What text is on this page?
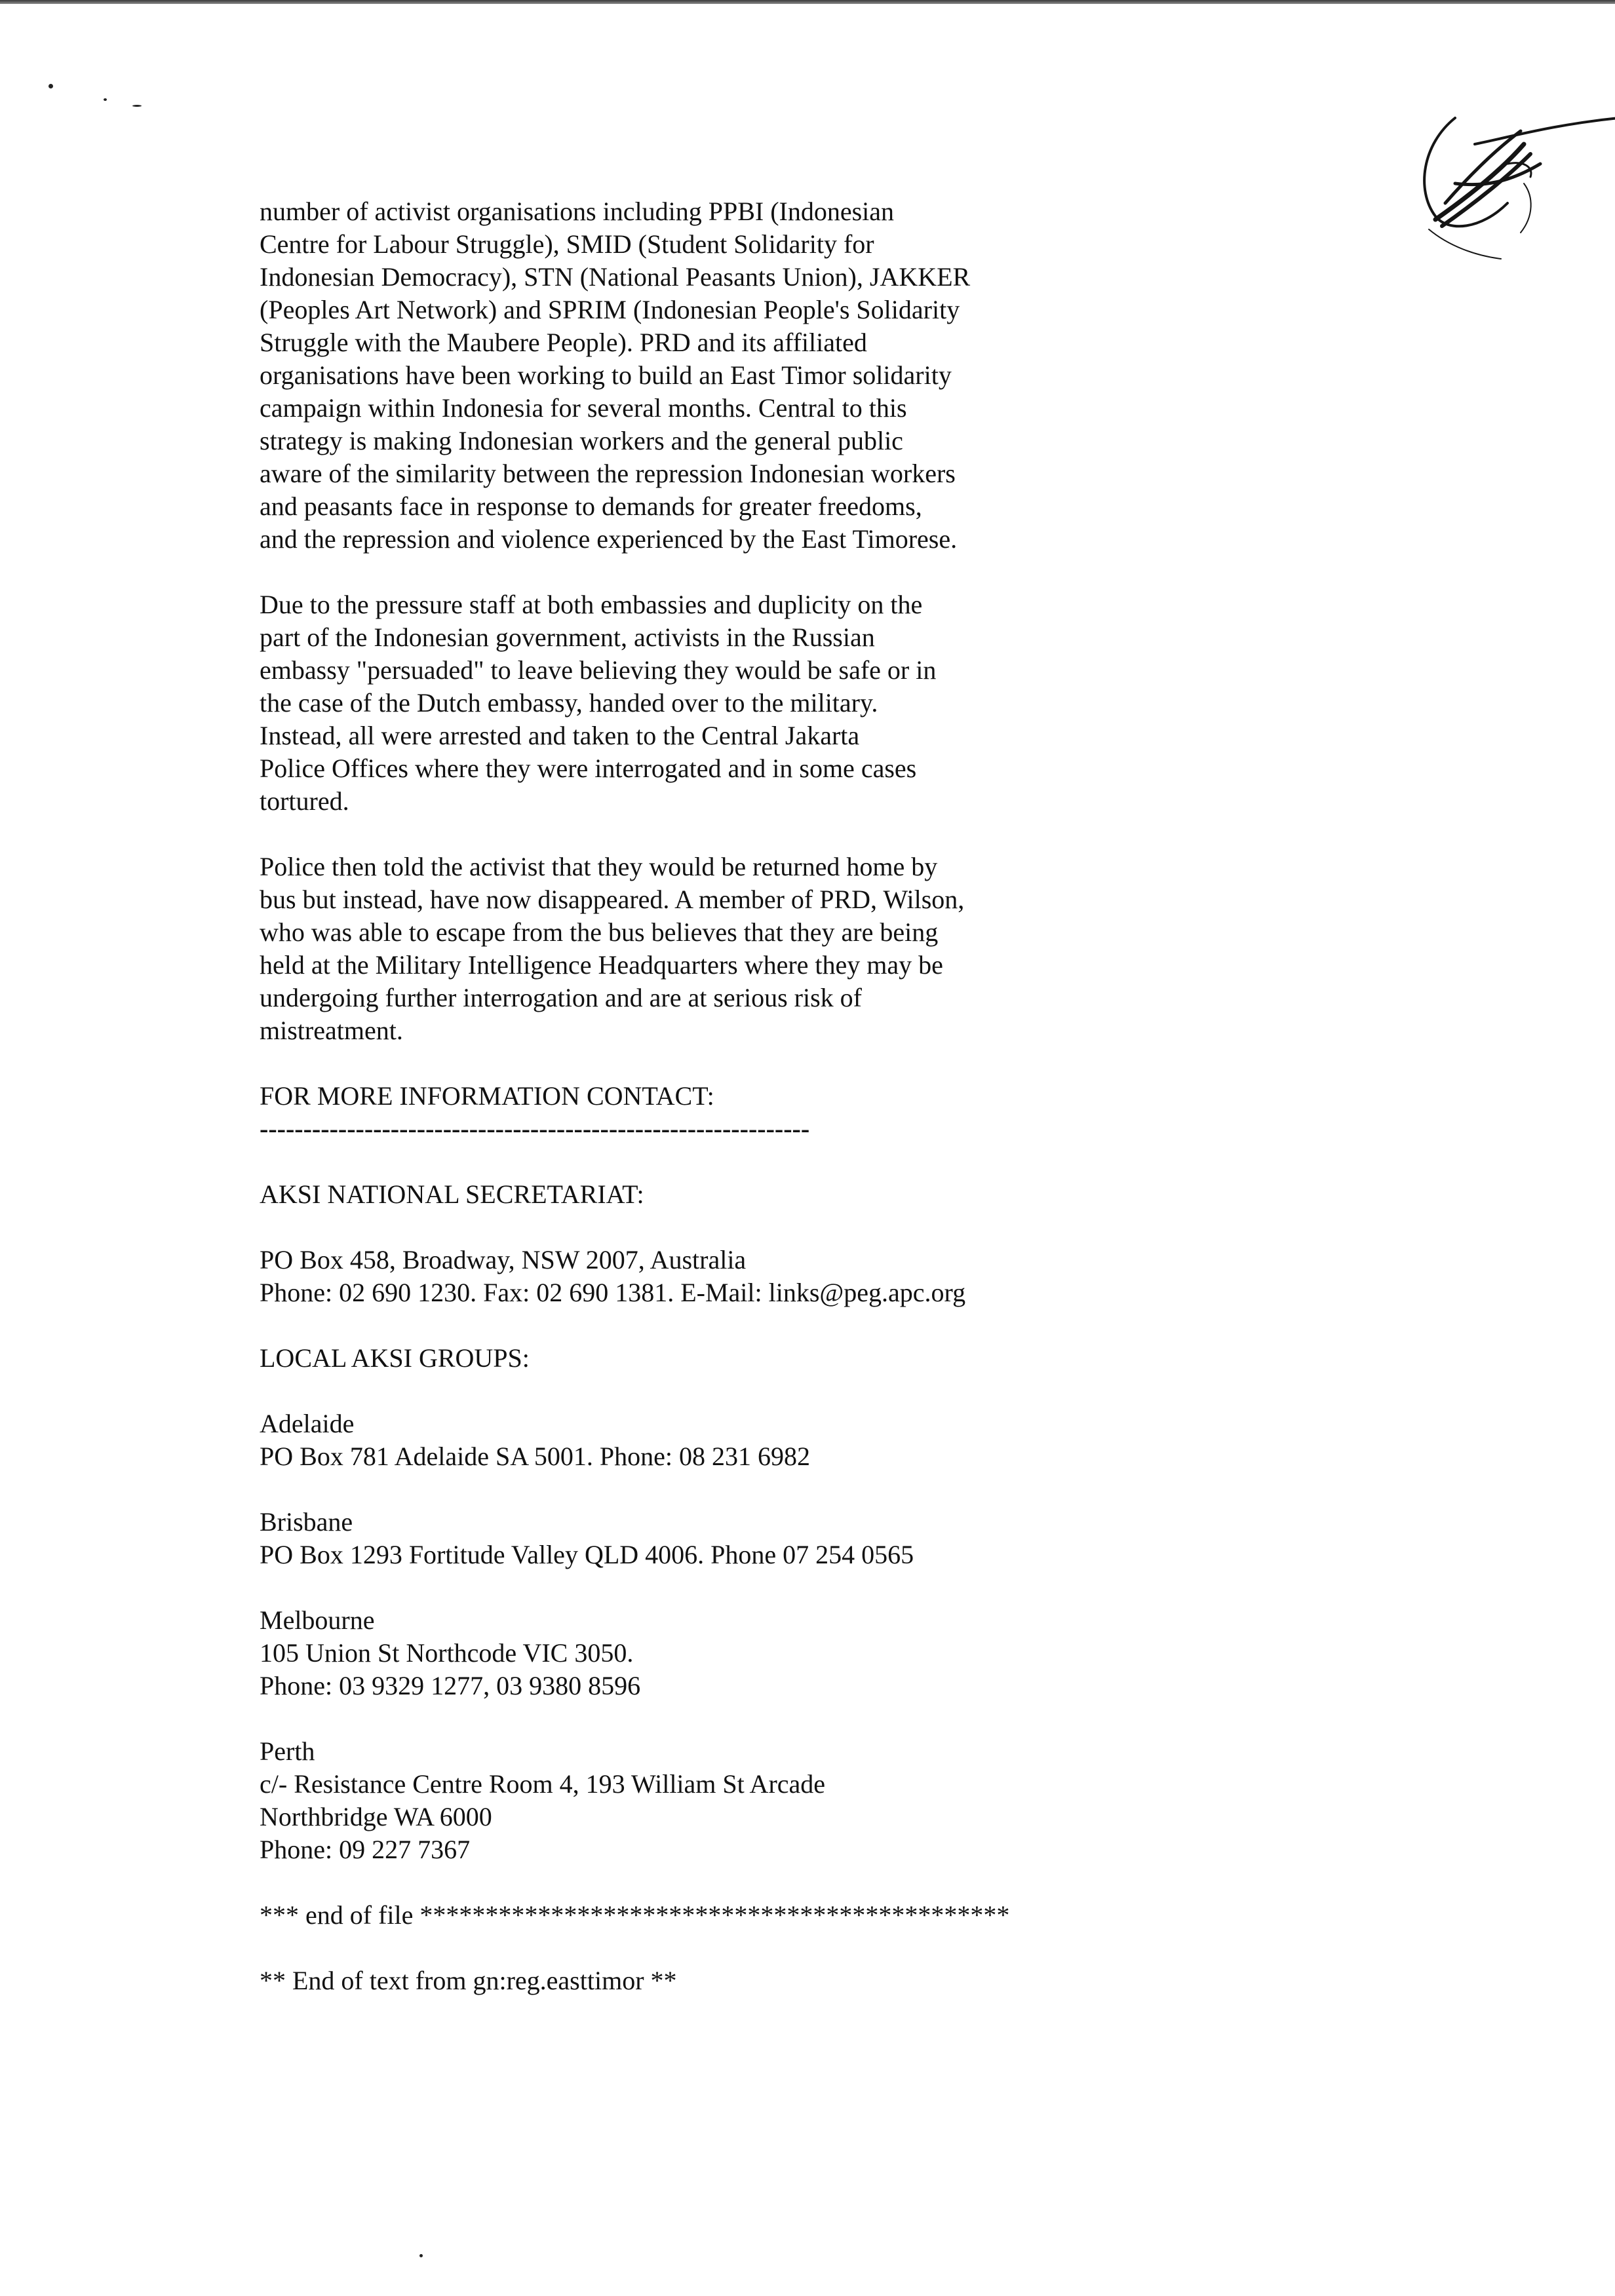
number of activist organisations including PPBI (Indonesian
Centre for Labour Struggle), SMID (Student Solidarity for
Indonesian Democracy), STN (National Peasants Union), JAKKER
(Peoples Art Network) and SPRIM (Indonesian People's Solidarity
Struggle with the Maubere People). PRD and its affiliated
organisations have been working to build an East Timor solidarity
campaign within Indonesia for several months. Central to this
strategy is making Indonesian workers and the general public
aware of the similarity between the repression Indonesian workers
and peasants face in response to demands for greater freedoms,
and the repression and violence experienced by the East Timorese.
Due to the pressure staff at both embassies and duplicity on the
part of the Indonesian government, activists in the Russian
embassy "persuaded" to leave believing they would be safe or in
the case of the Dutch embassy, handed over to the military.
Instead, all were arrested and taken to the Central Jakarta
Police Offices where they were interrogated and in some cases
tortured.
Police then told the activist that they would be returned home by
bus but instead, have now disappeared. A member of PRD, Wilson,
who was able to escape from the bus believes that they are being
held at the Military Intelligence Headquarters where they may be
undergoing further interrogation and are at serious risk of
mistreatment.
FOR MORE INFORMATION CONTACT:
---------------------------------------------------------------
AKSI NATIONAL SECRETARIAT:
PO Box 458, Broadway, NSW 2007, Australia
Phone: 02 690 1230. Fax: 02 690 1381. E-Mail: links@peg.apc.org
LOCAL AKSI GROUPS:
Adelaide
PO Box 781 Adelaide SA 5001. Phone: 08 231 6982
Brisbane
PO Box 1293 Fortitude Valley QLD 4006. Phone 07 254 0565
Melbourne
105 Union St Northcode VIC 3050.
Phone: 03 9329 1277, 03 9380 8596
Perth
c/- Resistance Centre Room 4, 193 William St Arcade
Northbridge WA 6000
Phone: 09 227 7367
*** end of file *********************************************
** End of text from gn:reg.easttimor **
